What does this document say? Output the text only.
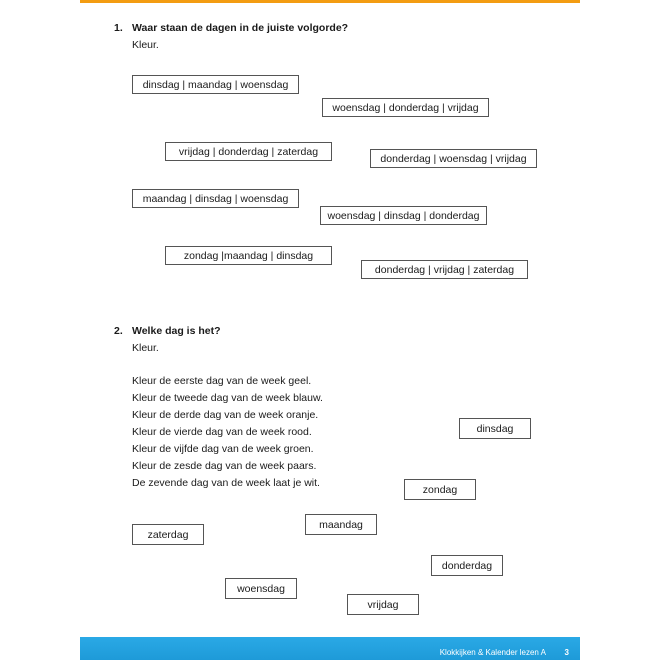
1. Waar staan de dagen in de juiste volgorde?
Kleur.
dinsdag | maandag | woensdag
woensdag | donderdag | vrijdag
vrijdag | donderdag | zaterdag
donderdag | woensdag | vrijdag
maandag | dinsdag | woensdag
woensdag | dinsdag | donderdag
zondag |maandag | dinsdag
donderdag | vrijdag | zaterdag
2. Welke dag is het?
Kleur.
Kleur de eerste dag van de week geel.
Kleur de tweede dag van de week blauw.
Kleur de derde dag van de week oranje.
Kleur de vierde dag van de week rood.
Kleur de vijfde dag van de week groen.
Kleur de zesde dag van de week paars.
De zevende dag van de week laat je wit.
dinsdag
zondag
maandag
zaterdag
donderdag
woensdag
vrijdag
Klokkijken & Kalender lezen A 3
